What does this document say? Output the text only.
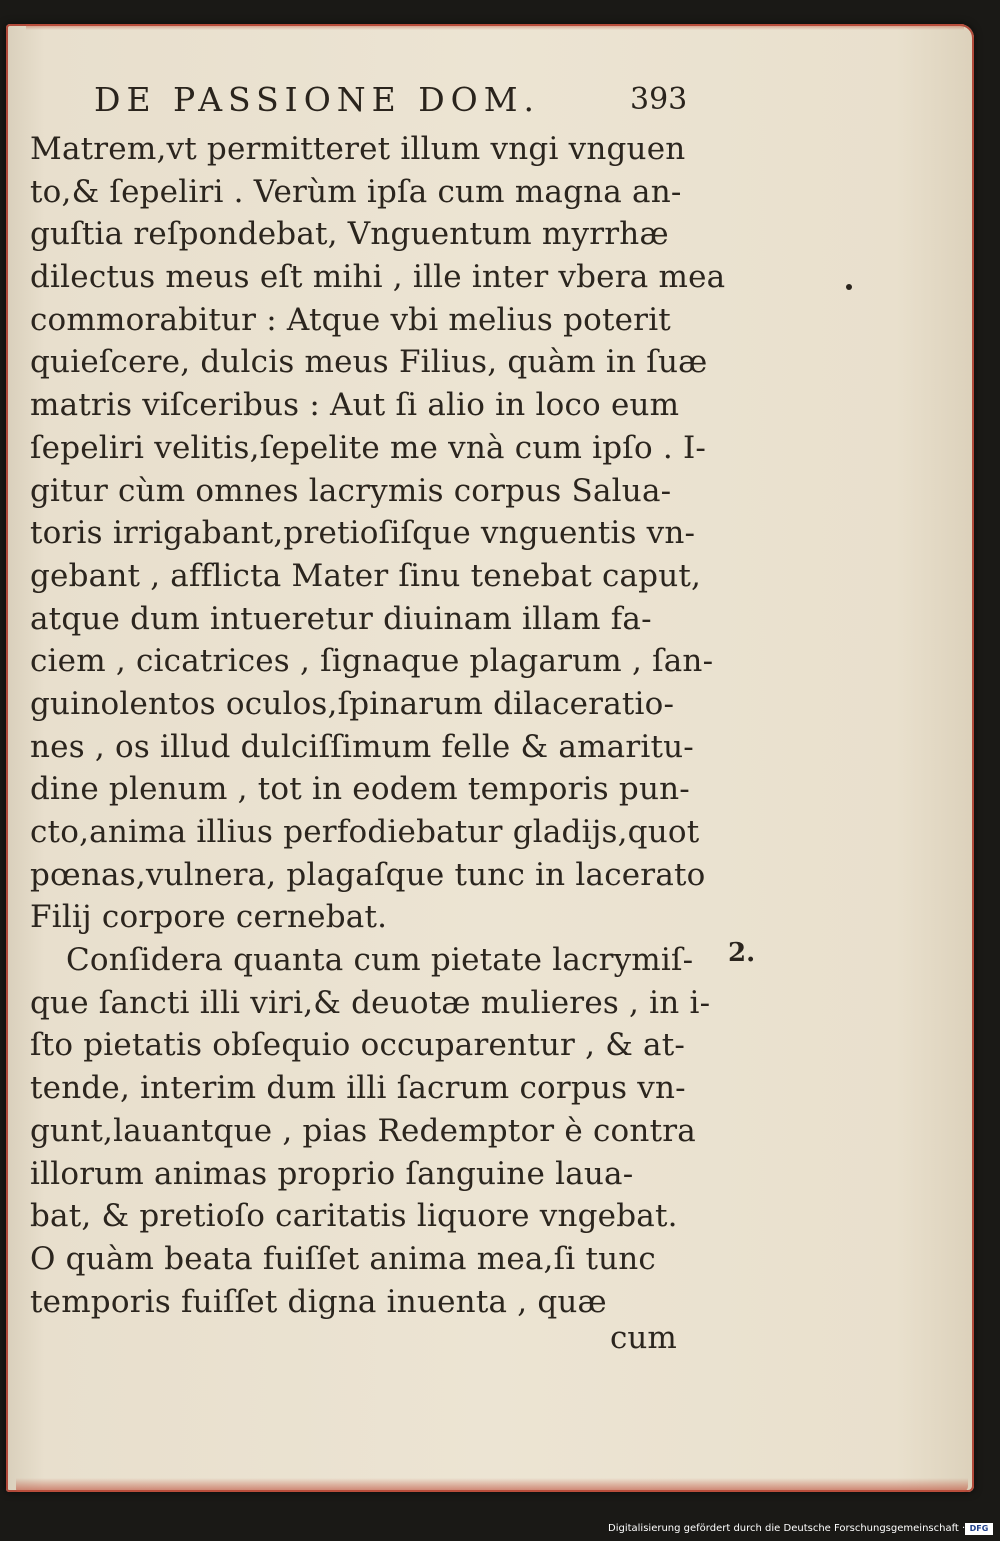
DE PASSIONE DOM.	393
Matrem,vt permitteret illum vngi vnguen
to,& ſepeliri . Verùm ipſa cum magna an-
guſtia reſpondebat, Vnguentum myrrhæ
dilectus meus eſt mihi , ille inter vbera mea
commorabitur : Atque vbi melius poterit
quieſcere, dulcis meus Filius, quàm in ſuæ
matris viſceribus : Aut ſi alio in loco eum
ſepeliri velitis,ſepelite me vnà cum ipſo . I-
gitur cùm omnes lacrymis corpus Salua-
toris irrigabant,pretioſiſque vnguentis vn-
gebant , afflicta Mater ſinu tenebat caput,
atque dum intueretur diuinam illam fa-
ciem , cicatrices , ſignaque plagarum , ſan-
guinolentos oculos,ſpinarum dilaceratio-
nes , os illud dulciſſimum felle & amaritu-
dine plenum , tot in eodem temporis pun-
cto,anima illius perfodiebatur gladijs,quot
pœnas,vulnera, plagaſque tunc in lacerato
Filij corpore cernebat.
Conſidera quanta cum pietate lacrymiſ-
que ſancti illi viri,& deuotæ mulieres , in i-
ſto pietatis obſequio occuparentur , & at-
tende, interim dum illi ſacrum corpus vn-
gunt,lauantque , pias Redemptor è contra
illorum animas proprio ſanguine laua-
bat, & pretioſo caritatis liquore vngebat.
O quàm beata fuiſſet anima mea,ſi tunc
temporis fuiſſet digna inuenta , quæ
cum
2.
Digitalisierung gefördert durch die Deutsche Forschungsgemeinschaft · DFG
